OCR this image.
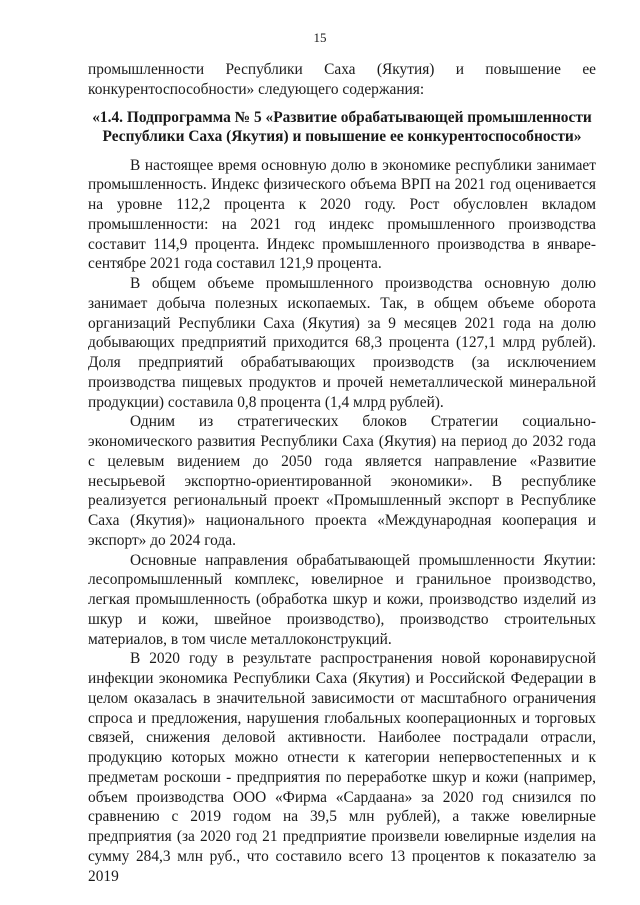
15

промышленности Республики Саха (Якутия) и повышение ее конкурентоспособности» следующего содержания:

«1.4. Подпрограмма № 5 «Развитие обрабатывающей промышленности
Республики Саха (Якутия) и повышение ее конкурентоспособности»

В настоящее время основную долю в экономике республики занимает промышленность. Индекс физического объема ВРП на 2021 год оценивается на уровне 112,2 процента к 2020 году. Рост обусловлен вкладом промышленности: на 2021 год индекс промышленного производства составит 114,9 процента. Индекс промышленного производства в январе-сентябре 2021 года составил 121,9 процента.

В общем объеме промышленного производства основную долю занимает добыча полезных ископаемых. Так, в общем объеме оборота организаций Республики Саха (Якутия) за 9 месяцев 2021 года на долю добывающих предприятий приходится 68,3 процента (127,1 млрд рублей). Доля предприятий обрабатывающих производств (за исключением производства пищевых продуктов и прочей неметаллической минеральной продукции) составила 0,8 процента (1,4 млрд рублей).

Одним из стратегических блоков Стратегии социально-экономического развития Республики Саха (Якутия) на период до 2032 года с целевым видением до 2050 года является направление «Развитие несырьевой экспортно-ориентированной экономики». В республике реализуется региональный проект «Промышленный экспорт в Республике Саха (Якутия)» национального проекта «Международная кооперация и экспорт» до 2024 года.

Основные направления обрабатывающей промышленности Якутии: лесопромышленный комплекс, ювелирное и гранильное производство, легкая промышленность (обработка шкур и кожи, производство изделий из шкур и кожи, швейное производство), производство строительных материалов, в том числе металлоконструкций.

В 2020 году в результате распространения новой коронавирусной инфекции экономика Республики Саха (Якутия) и Российской Федерации в целом оказалась в значительной зависимости от масштабного ограничения спроса и предложения, нарушения глобальных кооперационных и торговых связей, снижения деловой активности. Наиболее пострадали отрасли, продукцию которых можно отнести к категории непервостепенных и к предметам роскоши - предприятия по переработке шкур и кожи (например, объем производства ООО «Фирма «Сардаана» за 2020 год снизился по сравнению с 2019 годом на 39,5 млн рублей), а также ювелирные предприятия (за 2020 год 21 предприятие произвели ювелирные изделия на сумму 284,3 млн руб., что составило всего 13 процентов к показателю за 2019
